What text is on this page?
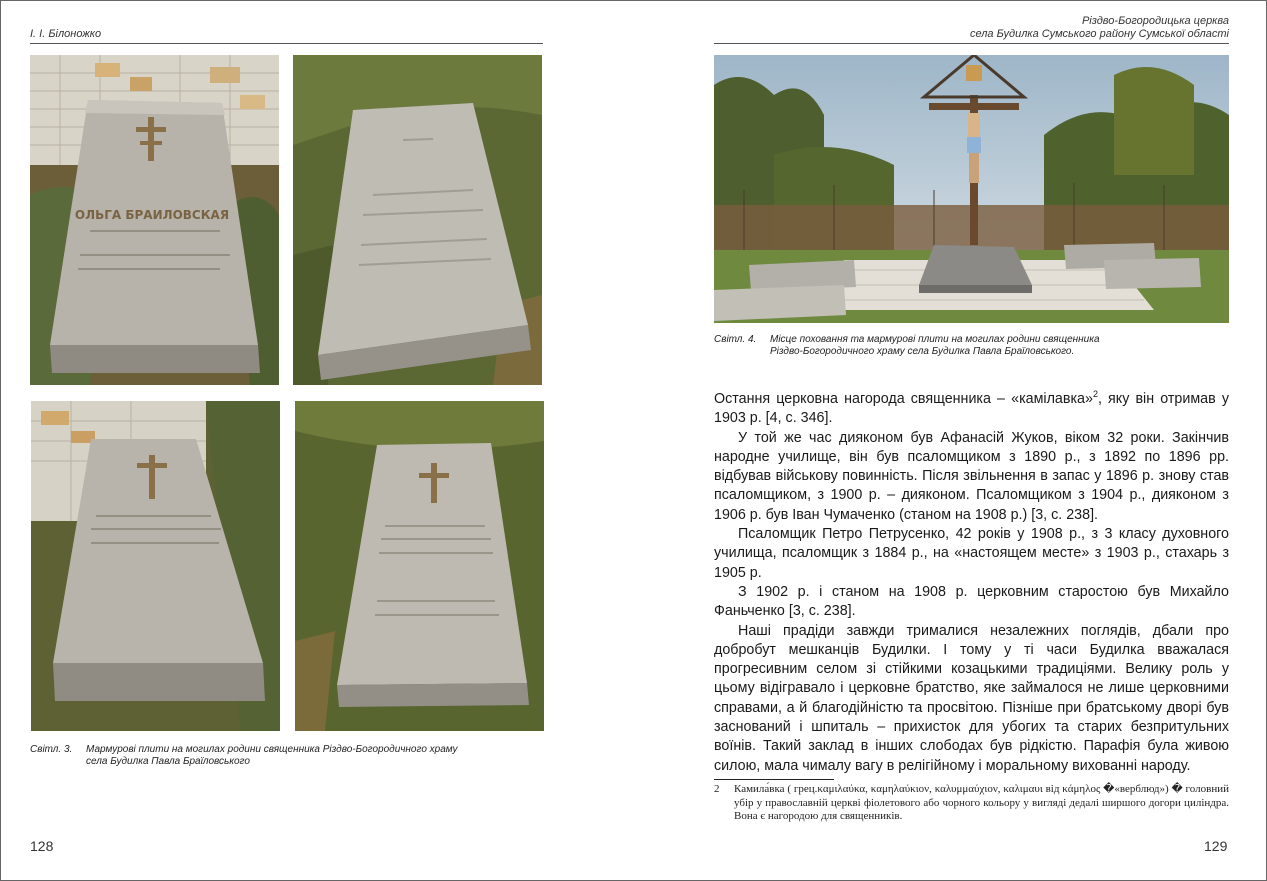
І. І. Білоножко
ОЛЬГА БРАИЛОВСКАЯ
Світл. 3. Мармурові плити на могилах родини священника Різдво-Богородичного храму
села Будилка Павла Браїловського
128
Різдво-Богородицька церква
села Будилка Сумського району Сумської області
Світл. 4. Місце поховання та мармурові плити на могилах родини священника
Різдво-Богородичного храму села Будилка Павла Браїловського.

Остання церковна нагорода священника – «камілавка»$^2$, яку він отримав у 1903 р. [4, с. 346].

У той же час дияконом був Афанасій Жуков, віком 32 роки. Закінчив народне училище, він був псаломщиком з 1890 р., з 1892 по 1896 рр. відбував військову повинність. Після звільнення в запас у 1896 р. знову став псаломщиком, з 1900 р. – дияконом. Псаломщиком з 1904 р., дияконом з 1906 р. був Іван Чумаченко (станом на 1908 р.) [3, с. 238].

Псаломщик Петро Петрусенко, 42 років у 1908 р., з 3 класу духовного училища, псаломщик з 1884 р., на «настоящем месте» з 1903 р., стахарь з 1905 р.

З 1902 р. і станом на 1908 р. церковним старостою був Михайло Фаньченко [3, с. 238].

Наші прадіди завжди трималися незалежних поглядів, дбали про добробут мешканців Будилки. І тому у ті часи Будилка вважалася прогресивним селом зі стійкими козацькими традиціями. Велику роль у цьому відігравало і церковне братство, яке займалося не лише церковними справами, а й благодійністю та просвітою. Пізніше при братському дворі був заснований і шпиталь – прихисток для убогих та старих безпритульних воїнів. Такий заклад в інших слободах був рідкістю. Парафія була живою силою, мала чималу вагу в релігійному і моральному вихованні народу.

2 Камила́вка ( грец.καμιλαύκα, καμηλαύκιον, καλυμμαύχιον, καλιμαυι від κάμηλος �«верблюд») � головний убір у православній церкві фіолетового або чорного кольору у вигляді дедалі ширшого догори циліндра. Вона є нагородою для священників.
129
